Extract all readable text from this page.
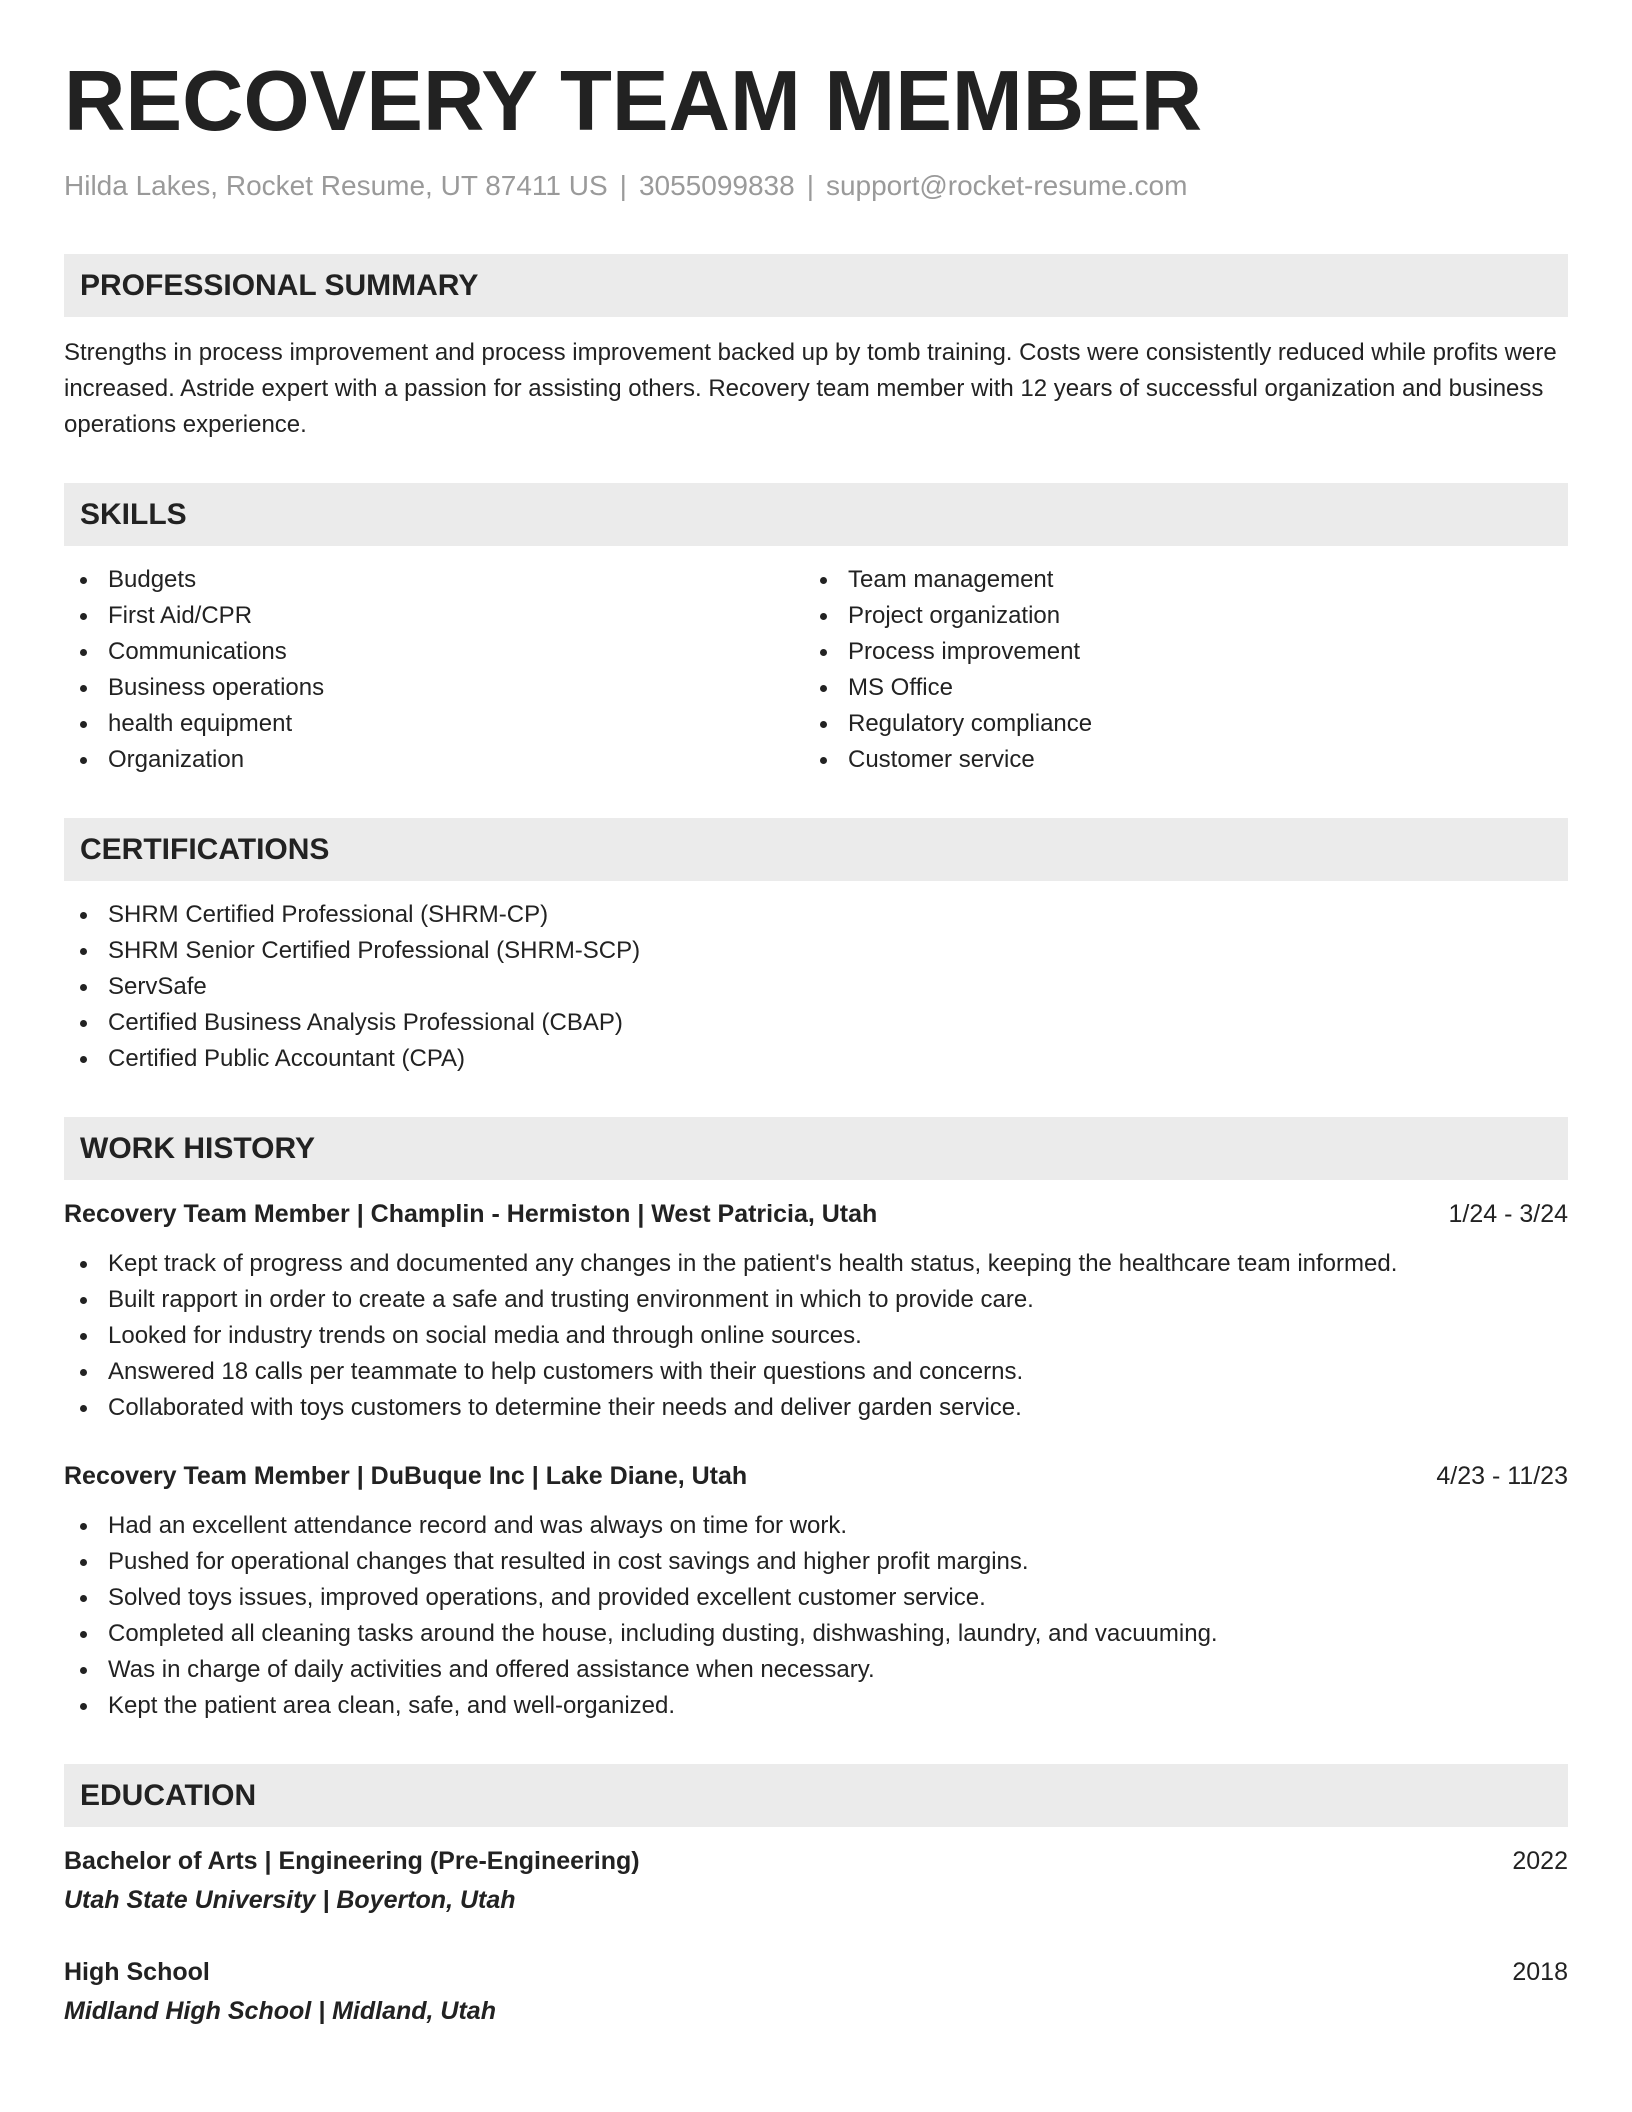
RECOVERY TEAM MEMBER
Hilda Lakes, Rocket Resume, UT 87411 US | 3055099838 | support@rocket-resume.com
PROFESSIONAL SUMMARY
Strengths in process improvement and process improvement backed up by tomb training. Costs were consistently reduced while profits were increased. Astride expert with a passion for assisting others. Recovery team member with 12 years of successful organization and business operations experience.
SKILLS
Budgets
First Aid/CPR
Communications
Business operations
health equipment
Organization
Team management
Project organization
Process improvement
MS Office
Regulatory compliance
Customer service
CERTIFICATIONS
SHRM Certified Professional (SHRM-CP)
SHRM Senior Certified Professional (SHRM-SCP)
ServSafe
Certified Business Analysis Professional (CBAP)
Certified Public Accountant (CPA)
WORK HISTORY
Recovery Team Member | Champlin - Hermiston | West Patricia, Utah	1/24 - 3/24
Kept track of progress and documented any changes in the patient's health status, keeping the healthcare team informed.
Built rapport in order to create a safe and trusting environment in which to provide care.
Looked for industry trends on social media and through online sources.
Answered 18 calls per teammate to help customers with their questions and concerns.
Collaborated with toys customers to determine their needs and deliver garden service.
Recovery Team Member | DuBuque Inc | Lake Diane, Utah	4/23 - 11/23
Had an excellent attendance record and was always on time for work.
Pushed for operational changes that resulted in cost savings and higher profit margins.
Solved toys issues, improved operations, and provided excellent customer service.
Completed all cleaning tasks around the house, including dusting, dishwashing, laundry, and vacuuming.
Was in charge of daily activities and offered assistance when necessary.
Kept the patient area clean, safe, and well-organized.
EDUCATION
Bachelor of Arts | Engineering (Pre-Engineering)	2022
Utah State University | Boyerton, Utah
High School	2018
Midland High School | Midland, Utah
